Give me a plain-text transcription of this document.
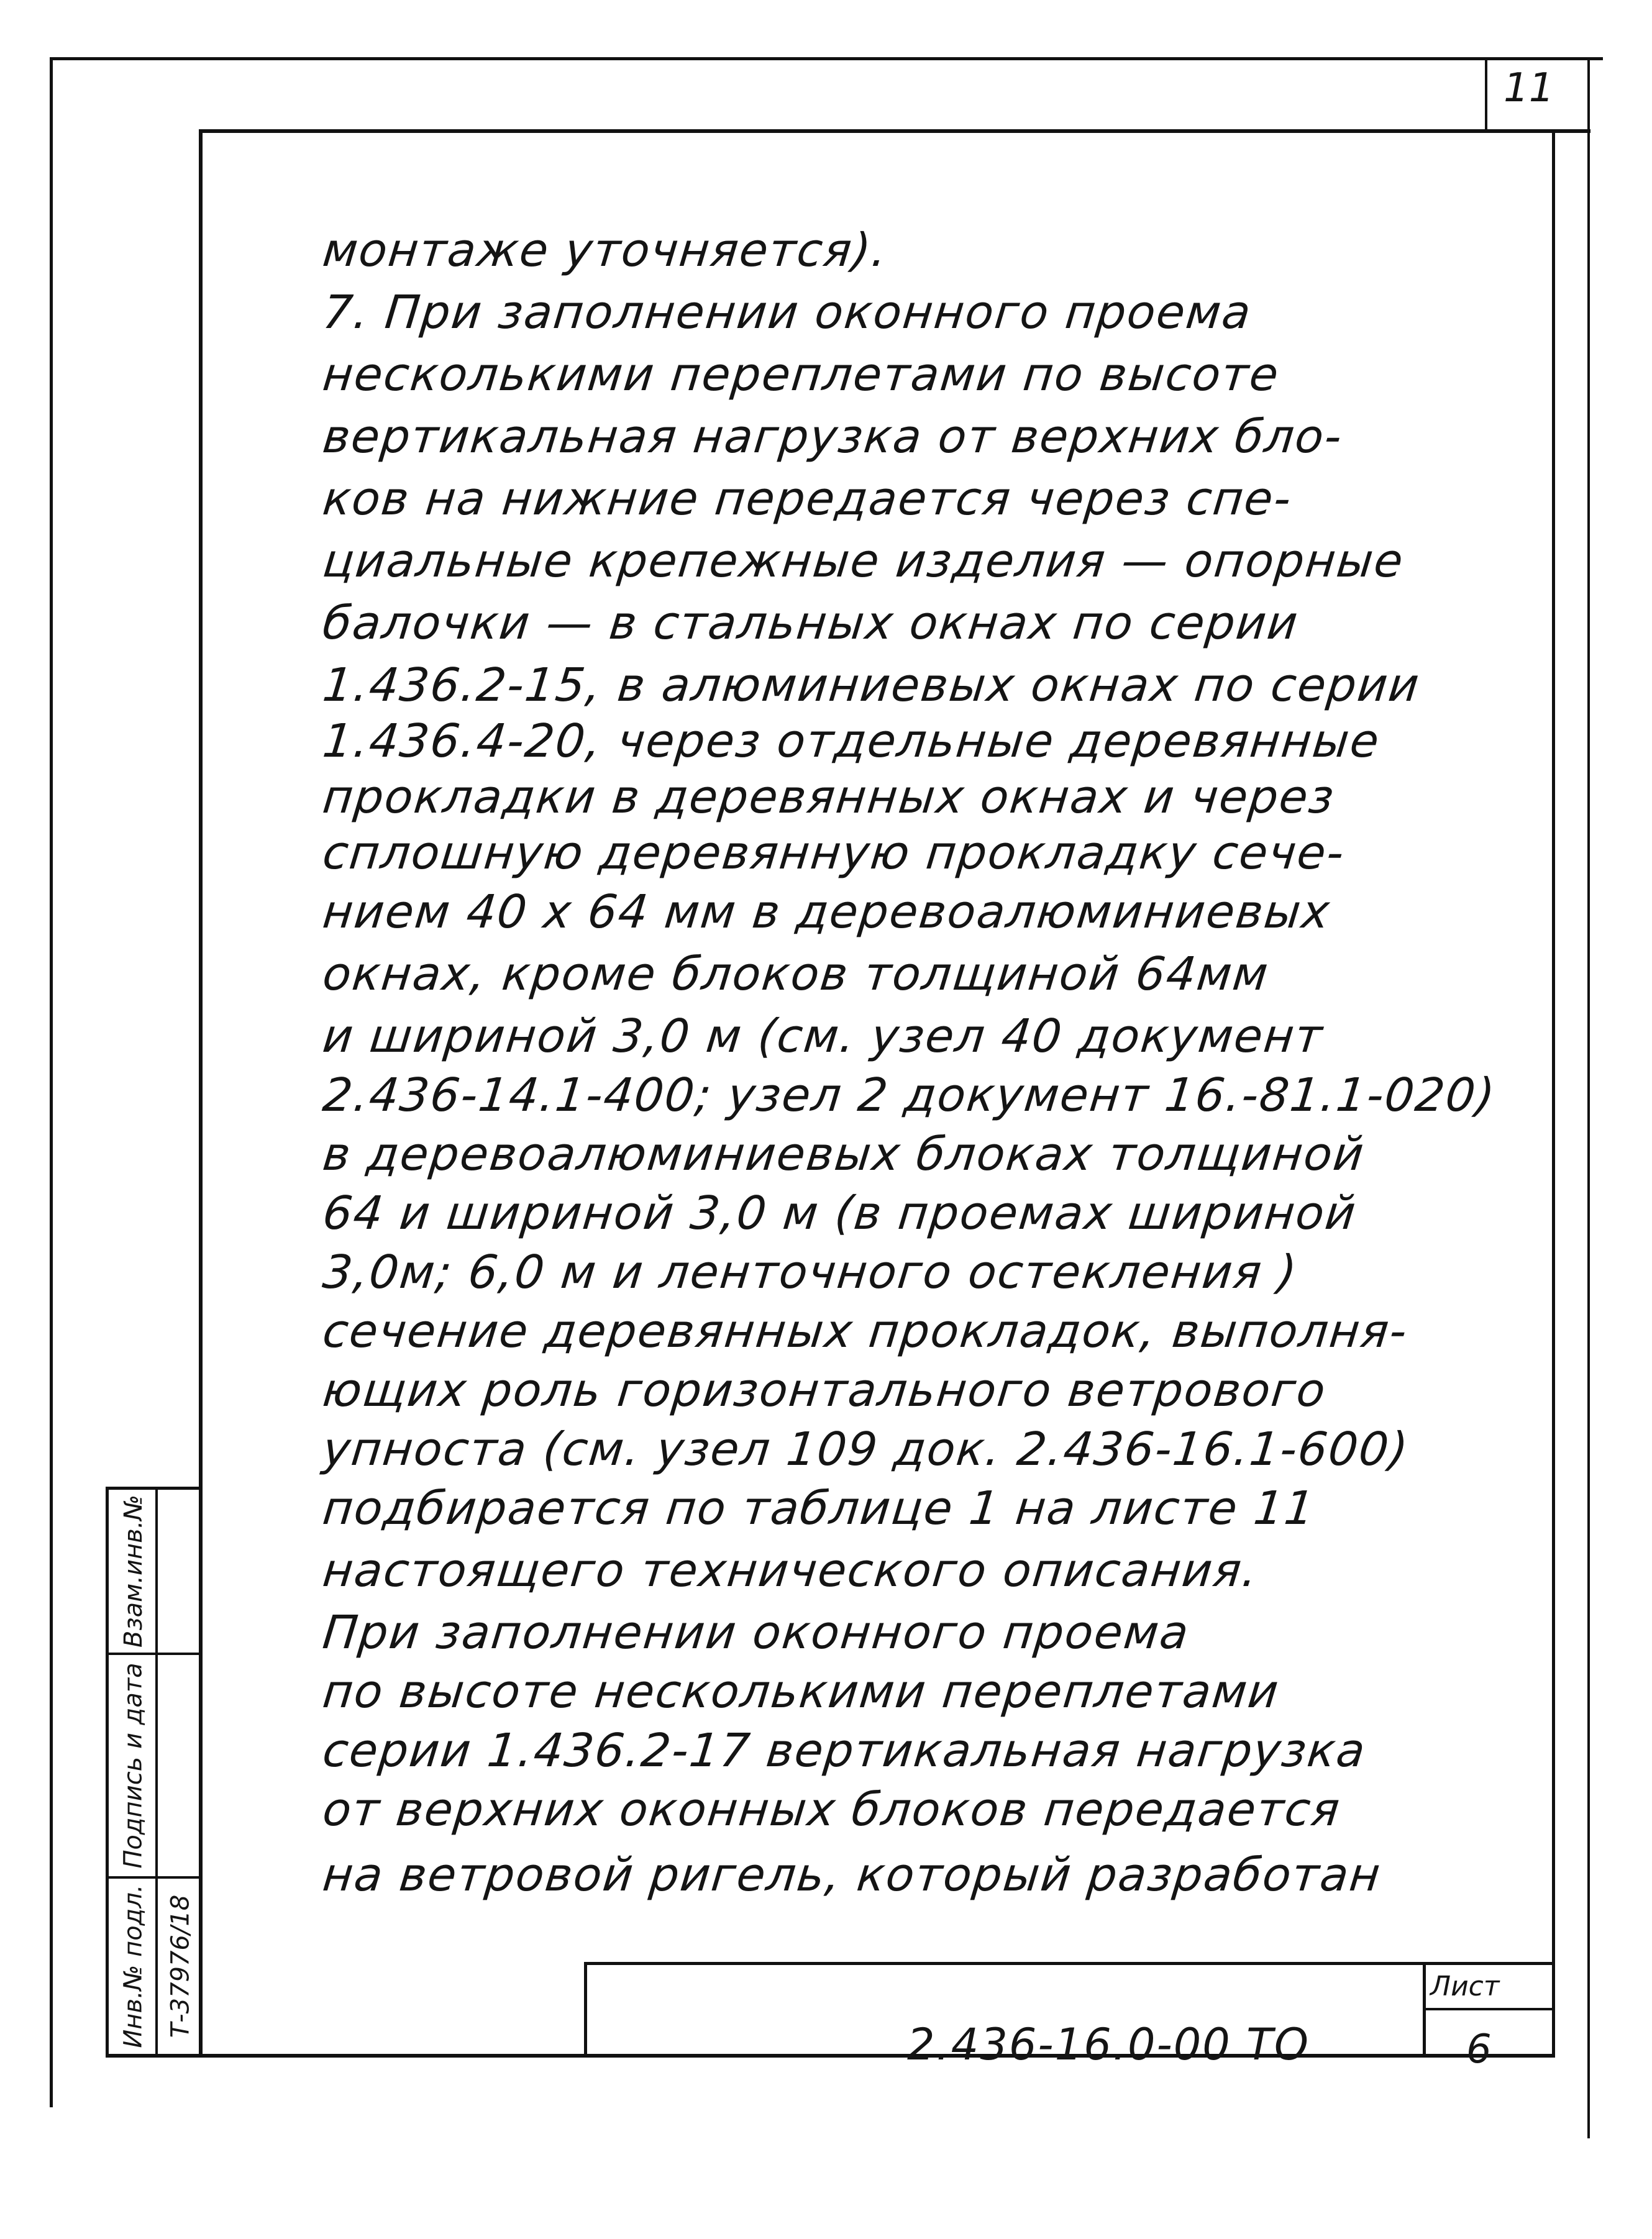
11
монтаже уточняется).
7. При заполнении оконного проема
несколькими переплетами по высоте
вертикальная нагрузка от верхних бло-
ков на нижние передается через спе-
циальные крепежные изделия — опорные
балочки — в стальных окнах по серии
1.436.2-15, в алюминиевых окнах по серии
1.436.4-20, через отдельные деревянные
прокладки в деревянных окнах и через
сплошную деревянную прокладку сече-
нием 40 х 64 мм в деревоалюминиевых
окнах, кроме блоков толщиной 64мм
и шириной 3,0 м (см. узел 40 документ
2.436-14.1-400; узел 2 документ 16.-81.1-020)
в деревоалюминиевых блоках толщиной
64 и шириной 3,0 м (в проемах шириной
3,0м; 6,0 м и ленточного остекления )
сечение деревянных прокладок, выполня-
ющих роль горизонтального ветрового
упноста (см. узел 109 док. 2.436-16.1-600)
подбирается по таблице 1 на листе 11
настоящего технического описания.
При заполнении оконного проема
по высоте несколькими переплетами
серии 1.436.2-17 вертикальная нагрузка
от верхних оконных блоков передается
на ветровой ригель, который разработан
Взам.инв.№
Подпись и дата
Инв.№ подл. Т-37976/18
2.436-16.0-00 ТО
Лист
6
